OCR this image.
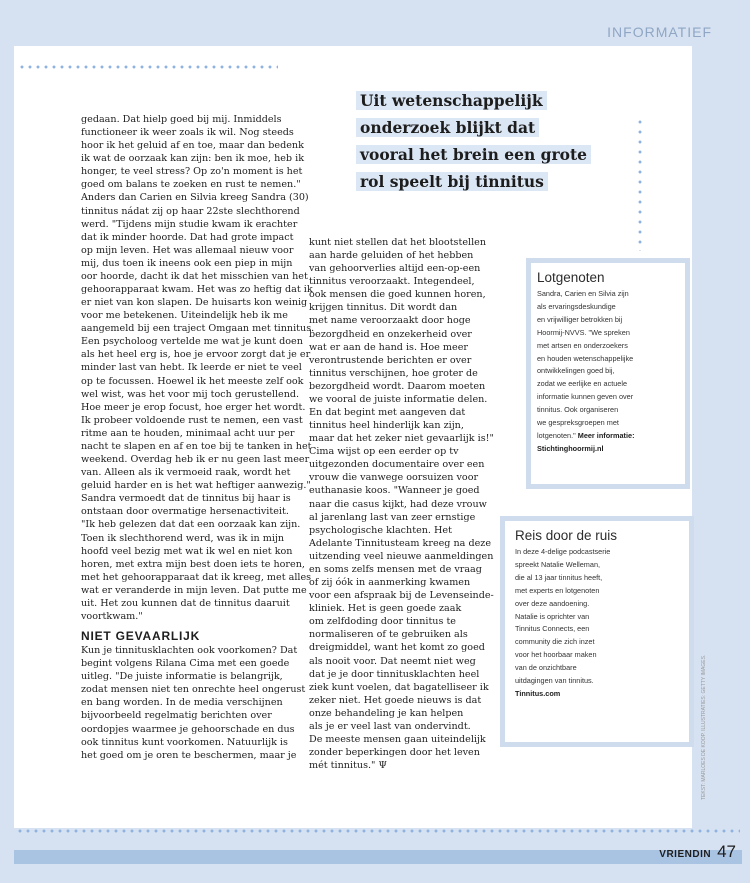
INFORMATIEF
Uit wetenschappelijk
onderzoek blijkt dat
vooral het brein een grote
rol speelt bij tinnitus

gedaan. Dat hielp goed bij mij. Inmiddels
functioneer ik weer zoals ik wil. Nog steeds
hoor ik het geluid af en toe, maar dan bedenk
ik wat de oorzaak kan zijn: ben ik moe, heb ik
honger, te veel stress? Op zo'n moment is het
goed om balans te zoeken en rust te nemen."
Anders dan Carien en Silvia kreeg Sandra (30)
tinnitus nádat zij op haar 22ste slechthorend
werd. "Tijdens mijn studie kwam ik erachter
dat ik minder hoorde. Dat had grote impact
op mijn leven. Het was allemaal nieuw voor
mij, dus toen ik ineens ook een piep in mijn
oor hoorde, dacht ik dat het misschien van het
gehoorapparaat kwam. Het was zo heftig dat ik
er niet van kon slapen. De huisarts kon weinig
voor me betekenen. Uiteindelijk heb ik me
aangemeld bij een traject Omgaan met tinnitus.
Een psycholoog vertelde me wat je kunt doen
als het heel erg is, hoe je ervoor zorgt dat je er
minder last van hebt. Ik leerde er niet te veel
op te focussen. Hoewel ik het meeste zelf ook
wel wist, was het voor mij toch gerustellend.
Hoe meer je erop focust, hoe erger het wordt.
Ik probeer voldoende rust te nemen, een vast
ritme aan te houden, minimaal acht uur per
nacht te slapen en af en toe bij te tanken in het
weekend. Overdag heb ik er nu geen last meer
van. Alleen als ik vermoeid raak, wordt het
geluid harder en is het wat heftiger aanwezig."
Sandra vermoedt dat de tinnitus bij haar is
ontstaan door overmatige hersenactiviteit.
"Ik heb gelezen dat dat een oorzaak kan zijn.
Toen ik slechthorend werd, was ik in mijn
hoofd veel bezig met wat ik wel en niet kon
horen, met extra mijn best doen iets te horen,
met het gehoorapparaat dat ik kreeg, met alles
wat er veranderde in mijn leven. Dat putte me
uit. Het zou kunnen dat de tinnitus daaruit
voortkwam."
NIET GEVAARLIJK
Kun je tinnitusklachten ook voorkomen? Dat
begint volgens Rilana Cima met een goede
uitleg. "De juiste informatie is belangrijk,
zodat mensen niet ten onrechte heel ongerust
en bang worden. In de media verschijnen
bijvoorbeeld regelmatig berichten over
oordopjes waarmee je gehoorschade en dus
ook tinnitus kunt voorkomen. Natuurlijk is
het goed om je oren te beschermen, maar je
kunt niet stellen dat het blootstellen
aan harde geluiden of het hebben
van gehoorverlies altijd een-op-een
tinnitus veroorzaakt. Integendeel,
ook mensen die goed kunnen horen,
krijgen tinnitus. Dit wordt dan
met name veroorzaakt door hoge
bezorgdheid en onzekerheid over
wat er aan de hand is. Hoe meer
verontrustende berichten er over
tinnitus verschijnen, hoe groter de
bezorgdheid wordt. Daarom moeten
we vooral de juiste informatie delen.
En dat begint met aangeven dat
tinnitus heel hinderlijk kan zijn,
maar dat het zeker niet gevaarlijk is!"
Cima wijst op een eerder op tv
uitgezonden documentaire over een
vrouw die vanwege oorsuizen voor
euthanasie koos. "Wanneer je goed
naar die casus kijkt, had deze vrouw
al jarenlang last van zeer ernstige
psychologische klachten. Het
Adelante Tinnitusteam kreeg na deze
uitzending veel nieuwe aanmeldingen
en soms zelfs mensen met de vraag
of zij óók in aanmerking kwamen
voor een afspraak bij de Levenseinde-
kliniek. Het is geen goede zaak
om zelfdoding door tinnitus te
normaliseren of te gebruiken als
dreigmiddel, want het komt zo goed
als nooit voor. Dat neemt niet weg
dat je je door tinnitusklachten heel
ziek kunt voelen, dat bagatelliseer ik
zeker niet. Het goede nieuws is dat
onze behandeling je kan helpen
als je er veel last van ondervindt.
De meeste mensen gaan uiteindelijk
zonder beperkingen door het leven
mét tinnitus." Ψ
Lotgenoten
Sandra, Carien en Silvia zijn
als ervaringsdeskundige
en vrijwilliger betrokken bij
Hoormij-NVVS. "We spreken
met artsen en onderzoekers
en houden wetenschappelijke
ontwikkelingen goed bij,
zodat we eerlijke en actuele
informatie kunnen geven over
tinnitus. Ook organiseren
we gespreksgroepen met
lotgenoten." Meer informatie:
Stichtinghoormij.nl
Reis door de ruis
In deze 4-delige podcastserie
spreekt Natalie Welleman,
die al 13 jaar tinnitus heeft,
met experts en lotgenoten
over deze aandoening.
Natalie is oprichter van
Tinnitus Connects, een
community die zich inzet
voor het hoorbaar maken
van de onzichtbare
uitdagingen van tinnitus.
Tinnitus.com	TEKST: MARLOES DE KOOP. ILLUSTRATIES: GETTY IMAGES.
VRIENDIN 47
